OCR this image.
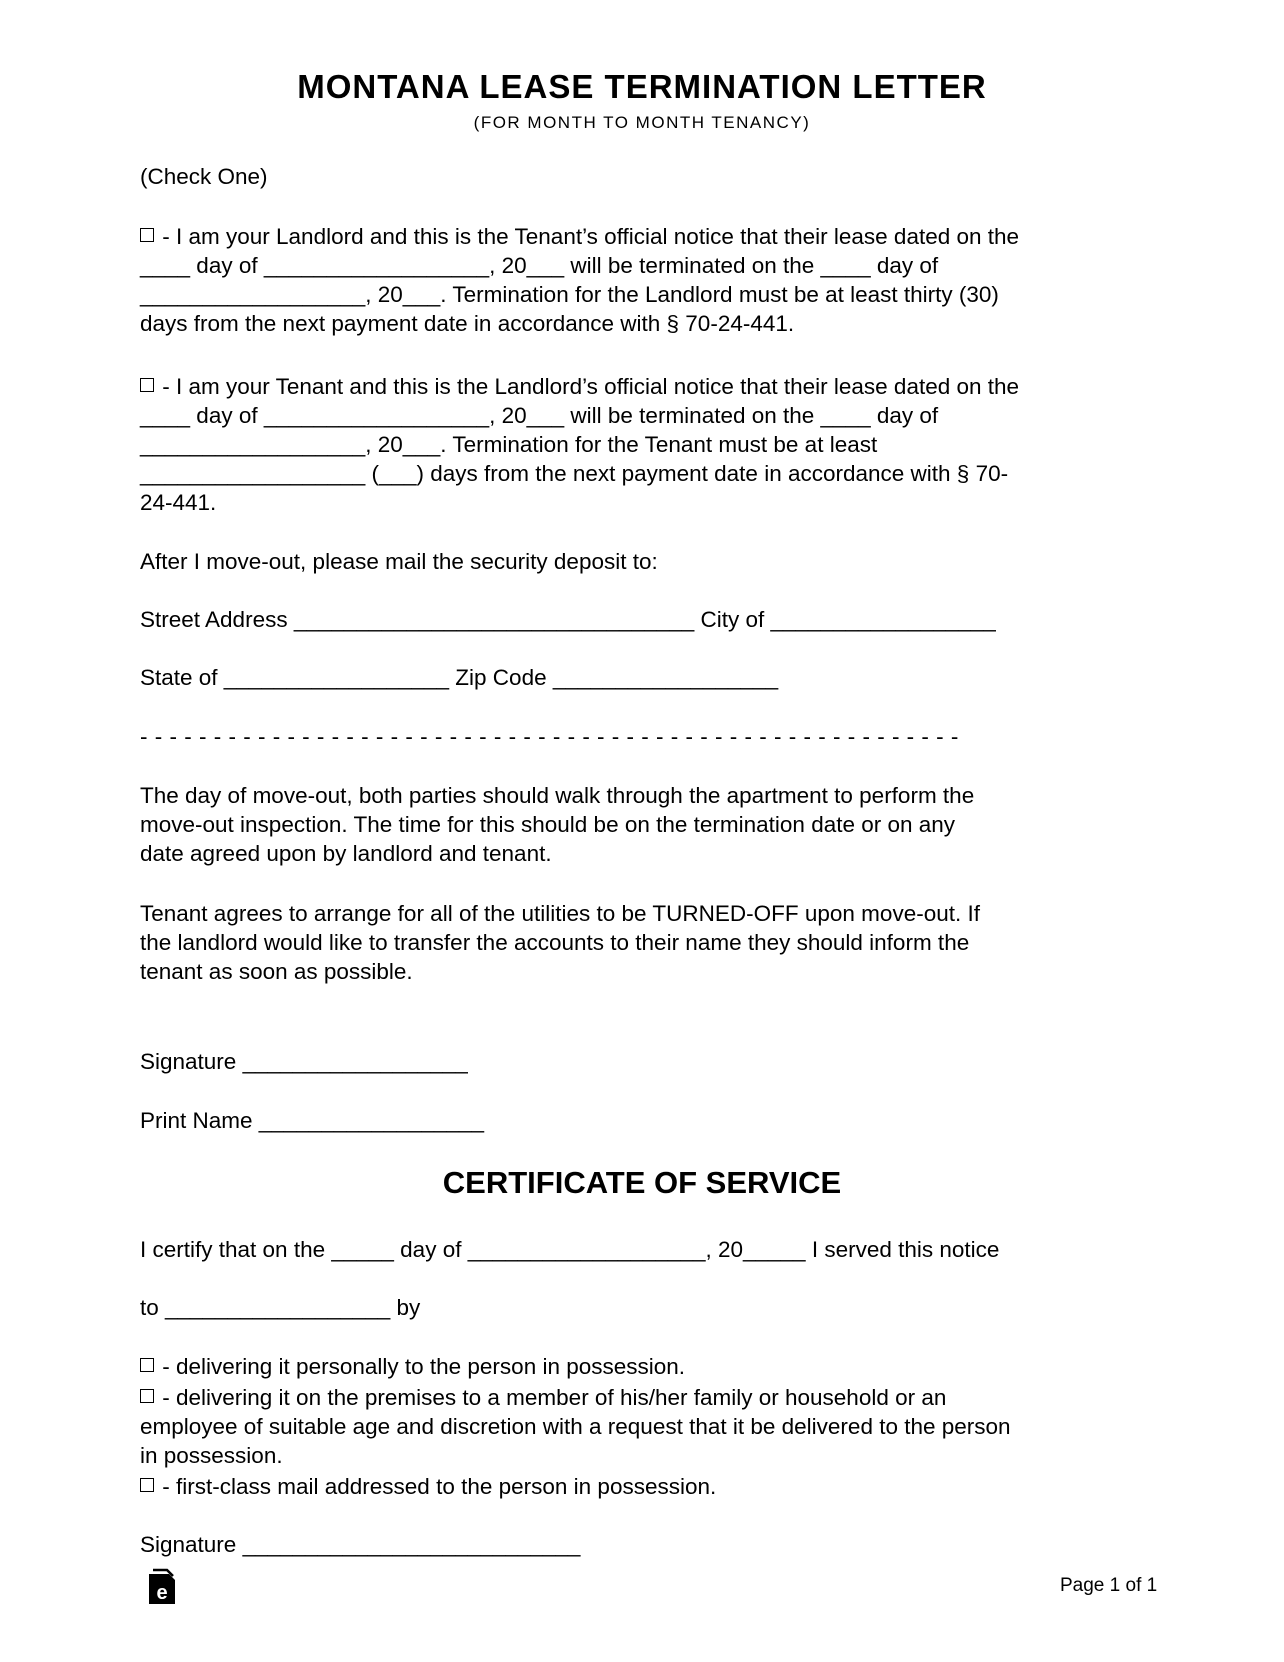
MONTANA LEASE TERMINATION LETTER
(FOR MONTH TO MONTH TENANCY)
(Check One)
- I am your Landlord and this is the Tenant’s official notice that their lease dated on the
____ day of __________________, 20___ will be terminated on the ____ day of
__________________, 20___. Termination for the Landlord must be at least thirty (30)
days from the next payment date in accordance with § 70-24-441.
- I am your Tenant and this is the Landlord’s official notice that their lease dated on the
____ day of __________________, 20___ will be terminated on the ____ day of
__________________, 20___. Termination for the Tenant must be at least
__________________ (___) days from the next payment date in accordance with § 70-
24-441.
After I move-out, please mail the security deposit to:
Street Address ________________________________ City of __________________
State of __________________ Zip Code __________________
- - - - - - - - - - - - - - - - - - - - - - - - - - - - - - - - - - - - - - - - - - - - - - - - - - - - - - - -
The day of move-out, both parties should walk through the apartment to perform the
move-out inspection. The time for this should be on the termination date or on any
date agreed upon by landlord and tenant.
Tenant agrees to arrange for all of the utilities to be TURNED-OFF upon move-out. If
the landlord would like to transfer the accounts to their name they should inform the
tenant as soon as possible.
Signature __________________
Print Name __________________
CERTIFICATE OF SERVICE
I certify that on the _____ day of ___________________, 20_____ I served this notice
to __________________ by
- delivering it personally to the person in possession.
- delivering it on the premises to a member of his/her family or household or an
employee of suitable age and discretion with a request that it be delivered to the person
in possession.
- first-class mail addressed to the person in possession.
Signature ___________________________
e	Page 1 of 1
